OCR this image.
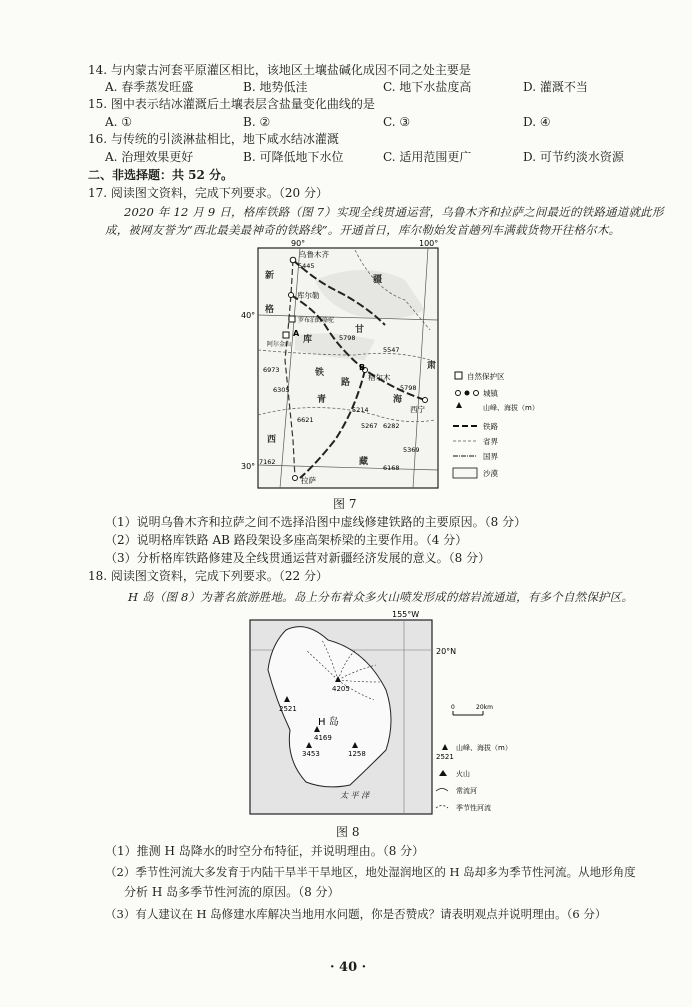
14. 与内蒙古河套平原灌区相比，该地区土壤盐碱化成因不同之处主要是
A. 春季蒸发旺盛	B. 地势低洼	C. 地下水盐度高	D. 灌溉不当
15. 图中表示结冰灌溉后土壤表层含盐量变化曲线的是
A. ①	B. ②	C. ③	D. ④
16. 与传统的引淡淋盐相比，地下咸水结冰灌溉
A. 治理效果更好	B. 可降低地下水位	C. 适用范围更广	D. 可节约淡水资源
二、非选择题：共 52 分。
17. 阅读图文资料，完成下列要求。（20 分）
2020 年 12 月 9 日，格库铁路（图 7）实现全线贯通运营，乌鲁木齐和拉萨之间最近的铁路通道就此形
成，被网友誉为“西北最美最神奇的铁路线”。开通首日，库尔勒始发首趟列车满载货物开往格尔木。
90°	100°
40°
30°
乌鲁木齐
库尔勒
格尔木
西宁
拉萨
罗布泊野骆驼
阿尔金山
A
B
5445
6973
6305
5798
5547
6621
5214
5267 6282
5369
7162
6168
5798
新	疆
格
库
铁
路
甘
肃
青	海
西
藏
自然保护区
城镇
山峰、海拔（m）
铁路
省界
国界
沙漠
图 7
（1）说明乌鲁木齐和拉萨之间不选择沿图中虚线修建铁路的主要原因。（8 分）
（2）说明格库铁路 AB 路段架设多座高架桥梁的主要作用。（4 分）
（3）分析格库铁路修建及全线贯通运营对新疆经济发展的意义。（8 分）
18. 阅读图文资料，完成下列要求。（22 分）
H 岛（图 8）为著名旅游胜地。岛上分布着众多火山喷发形成的熔岩流通道，有多个自然保护区。
155°W
20°N
4205
2521
H 岛
4169
3453	1258
太 平 洋
0	20km
2521
山峰、海拔（m）
火山
常流河
季节性河流
图 8
（1）推测 H 岛降水的时空分布特征，并说明理由。（8 分）
（2）季节性河流大多发育于内陆干旱半干旱地区，地处湿润地区的 H 岛却多为季节性河流。从地形角度
分析 H 岛多季节性河流的原因。（8 分）
（3）有人建议在 H 岛修建水库解决当地用水问题，你是否赞成？请表明观点并说明理由。（6 分）
· 40 ·
